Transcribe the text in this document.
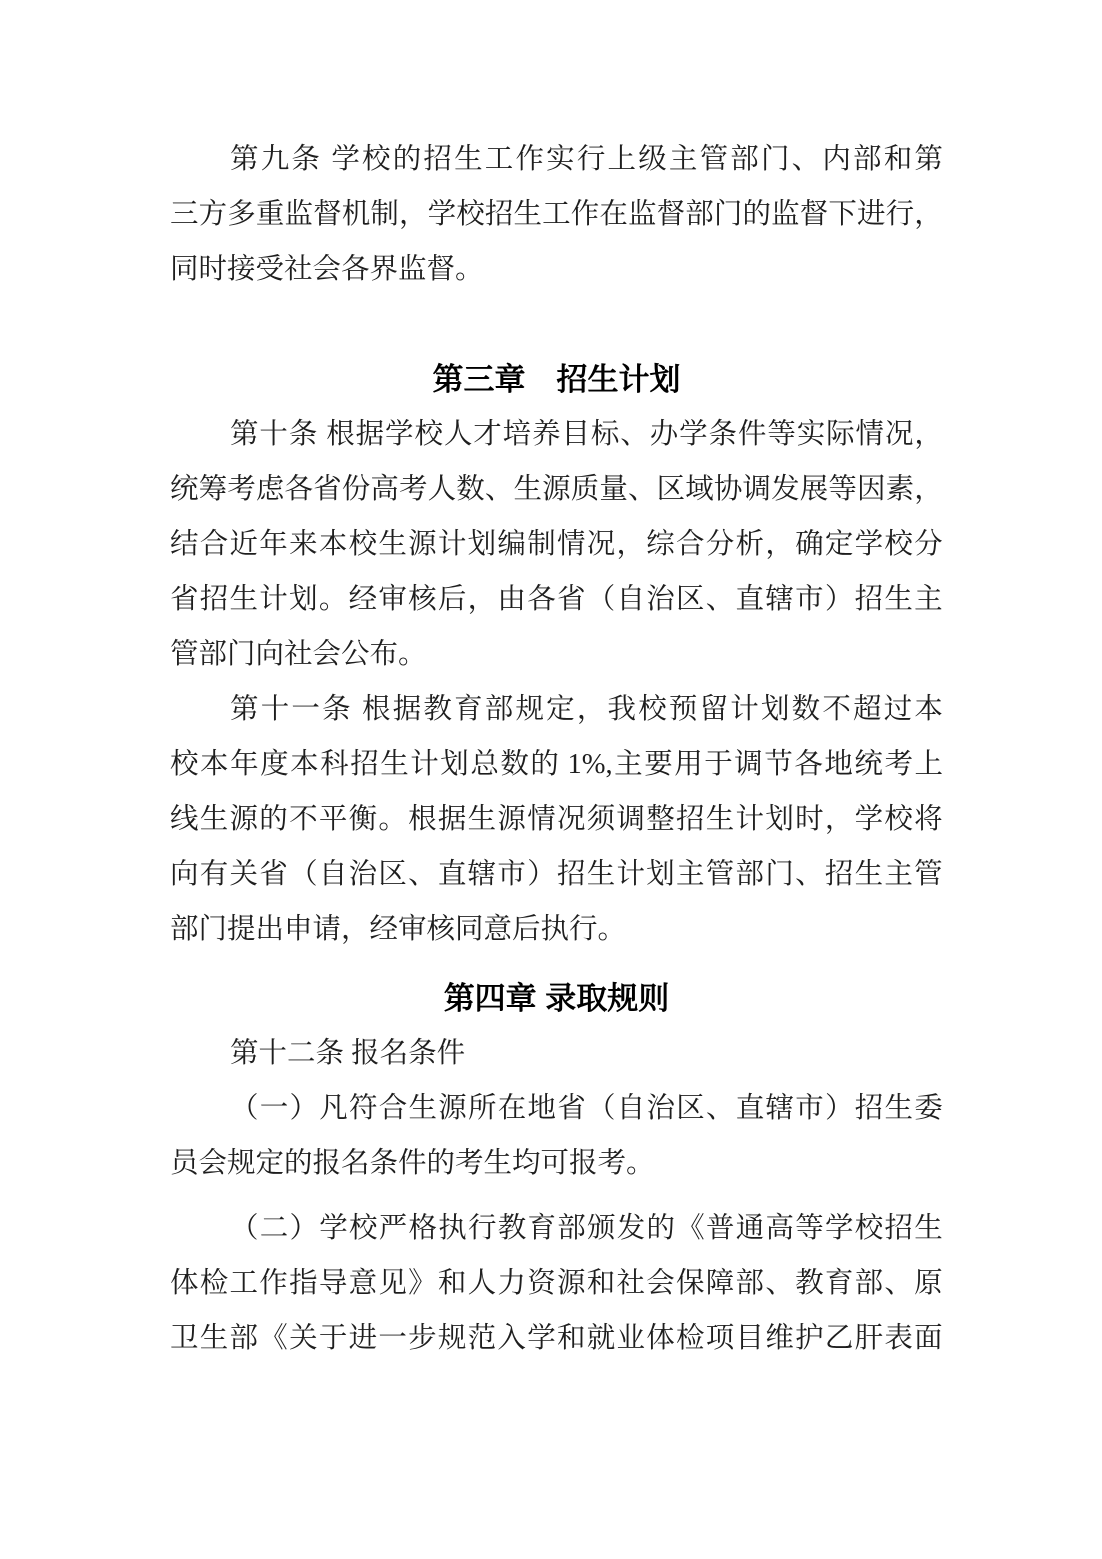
第 九 条
学 校 的 招 生 工 作 实 行 上 级 主 管 部 门 、 内 部 和 第
三 方 多 重 监 督 机 制 ， 学 校 招 生 工 作 在 监 督 部 门 的 监 督 下 进 行 ，
同时接受社会各界监督。
第三章　招生计划
第 十 条
根 据 学 校 人 才 培 养 目 标 、 办 学 条 件 等 实 际 情 况 ，
统 筹 考 虑 各 省 份 高 考 人 数 、 生 源 质 量 、 区 域 协 调 发 展 等 因 素 ，
结 合 近 年 来 本 校 生 源 计 划 编 制 情 况 ， 综 合 分 析 ， 确 定 学 校 分
省 招 生 计 划 。 经 审 核 后 ， 由 各 省 （ 自 治 区 、 直 辖 市 ） 招 生 主
管部门向社会公布。
第 十 一 条
根 据 教 育 部 规 定 ， 我 校 预 留 计 划 数 不 超 过 本
校 本 年 度 本 科 招 生 计 划 总 数 的 1%, 主 要 用 于 调 节 各 地 统 考 上
线 生 源 的 不 平 衡 。 根 据 生 源 情 况 须 调 整 招 生 计 划 时 ， 学 校 将
向 有 关 省 （ 自 治 区 、 直 辖 市 ） 招 生 计 划 主 管 部 门 、 招 生 主 管
部门提出申请，经审核同意后执行。
第四章 录取规则
第十二条 报名条件
（ 一 ） 凡 符 合 生 源 所 在 地 省 （ 自 治 区 、 直 辖 市 ） 招 生 委
员会规定的报名条件的考生均可报考。
（ 二 ） 学 校 严 格 执 行 教 育 部 颁 发 的 《 普 通 高 等 学 校 招 生
体 检 工 作 指 导 意 见 》 和 人 力 资 源 和 社 会 保 障 部 、 教 育 部 、 原
卫 生 部 《 关 于 进 一 步 规 范 入 学 和 就 业 体 检 项 目 维 护 乙 肝 表 面
